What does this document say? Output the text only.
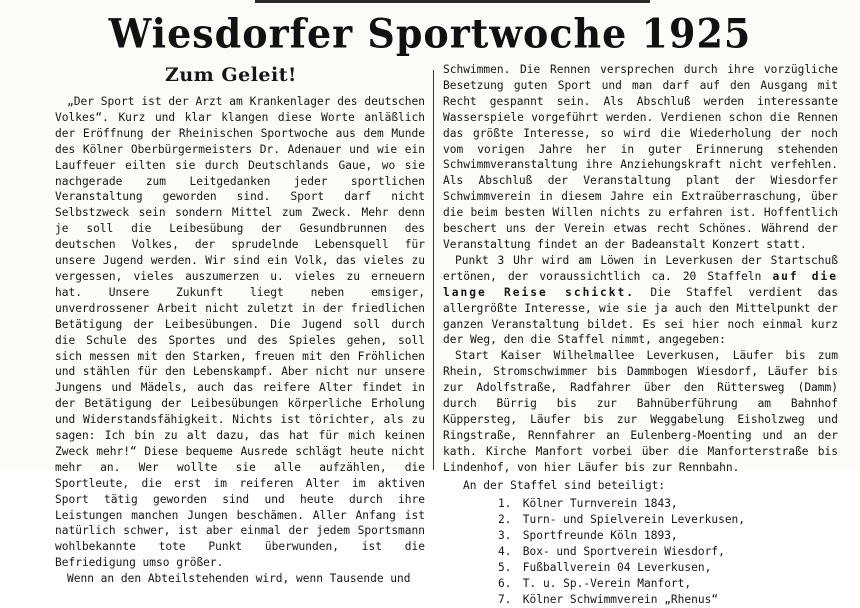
Wiesdorfer Sportwoche 1925
Zum Geleit!

„Der Sport ist der Arzt am Krankenlager des deutschen Volkes“. Kurz und klar klangen diese Worte anläßlich der Eröffnung der Rheinischen Sportwoche aus dem Munde des Kölner Oberbürgermeisters Dr. Adenauer und wie ein Lauffeuer eilten sie durch Deutschlands Gaue, wo sie nachgerade zum Leitgedanken jeder sportlichen Veranstaltung geworden sind. Sport darf nicht Selbstzweck sein sondern Mittel zum Zweck. Mehr denn je soll die Leibesübung der Gesundbrunnen des deutschen Volkes, der sprudelnde Lebensquell für unsere Jugend werden. Wir sind ein Volk, das vieles zu vergessen, vieles auszumerzen u. vieles zu erneuern hat. Unsere Zukunft liegt neben emsiger, unverdrossener Arbeit nicht zuletzt in der friedlichen Betätigung der Leibesübungen. Die Jugend soll durch die Schule des Sportes und des Spieles gehen, soll sich messen mit den Starken, freuen mit den Fröhlichen und stählen für den Lebenskampf. Aber nicht nur unsere Jungens und Mädels, auch das reifere Alter findet in der Betätigung der Leibesübungen körperliche Erholung und Widerstandsfähigkeit. Nichts ist törichter, als zu sagen: Ich bin zu alt dazu, das hat für mich keinen Zweck mehr!“ Diese bequeme Ausrede schlägt heute nicht mehr an. Wer wollte sie alle aufzählen, die Sportleute, die erst im reiferen Alter im aktiven Sport tätig geworden sind und heute durch ihre Leistungen manchen Jungen beschämen. Aller Anfang ist natürlich schwer, ist aber einmal der jedem Sportsmann wohlbekannte tote Punkt überwunden, ist die Befriedigung umso größer.

Wenn an den Abteilstehenden wird, wenn Tausende und

Schwimmen. Die Rennen versprechen durch ihre vorzügliche Besetzung guten Sport und man darf auf den Ausgang mit Recht gespannt sein. Als Abschluß werden interessante Wasserspiele vorgeführt werden. Verdienen schon die Rennen das größte Interesse, so wird die Wiederholung der noch vom vorigen Jahre her in guter Erinnerung stehenden Schwimmveranstaltung ihre Anziehungskraft nicht verfehlen. Als Abschluß der Veranstaltung plant der Wiesdorfer Schwimmverein in diesem Jahre ein Extraüberraschung, über die beim besten Willen nichts zu erfahren ist. Hoffentlich beschert uns der Verein etwas recht Schönes. Während der Veranstaltung findet an der Badeanstalt Konzert statt.

Punkt 3 Uhr wird am Löwen in Leverkusen der Startschuß ertönen, der voraussichtlich ca. 20 Staffeln auf die lange Reise schickt. Die Staffel verdient das allergrößte Interesse, wie sie ja auch den Mittelpunkt der ganzen Veranstaltung bildet. Es sei hier noch einmal kurz der Weg, den die Staffel nimmt, angegeben:

Start Kaiser Wilhelmallee Leverkusen, Läufer bis zum Rhein, Stromschwimmer bis Dammbogen Wiesdorf, Läufer bis zur Adolfstraße, Radfahrer über den Rüttersweg (Damm) durch Bürrig bis zur Bahnüberführung am Bahnhof Küppersteg, Läufer bis zur Weggabelung Eisholzweg und Ringstraße, Rennfahrer an Eulenberg-Moenting und an der kath. Kirche Manfort vorbei über die Manforterstraße bis Lindenhof, von hier Läufer bis zur Rennbahn.

An der Staffel sind beteiligt:
1. Kölner Turnverein 1843,
2. Turn- und Spielverein Leverkusen,
3. Sportfreunde Köln 1893,
4. Box- und Sportverein Wiesdorf,
5. Fußballverein 04 Leverkusen,
6. T. u. Sp.-Verein Manfort,
7. Kölner Schwimmverein „Rhenus“
